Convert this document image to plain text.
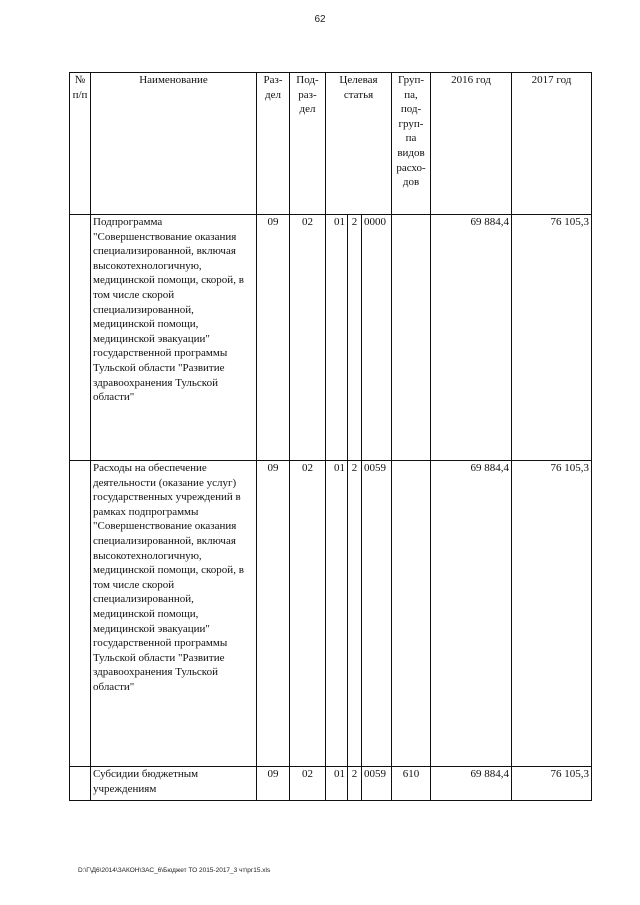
62
№ п/п	Наименование	Раз-дел	Под-раз-дел	Целевая статья			Груп-па, под-груп-па видов расхо-дов	2016 год	2017 год
	Подпрограмма "Совершенствование оказания специализированной, включая высокотехнологичную, медицинской помощи, скорой, в том числе скорой специализированной, медицинской помощи, медицинской эвакуации" государственной программы Тульской области "Развитие здравоохранения Тульской области"	09	02	01	2	0000		69 884,4	76 105,3
	Расходы на обеспечение деятельности (оказание услуг) государственных учреждений в рамках подпрограммы "Совершенствование оказания специализированной, включая высокотехнологичную, медицинской помощи, скорой, в том числе скорой специализированной, медицинской помощи, медицинской эвакуации" государственной программы Тульской области "Развитие здравоохранения Тульской области"	09	02	01	2	0059		69 884,4	76 105,3
	Субсидии бюджетным учреждениям	09	02	01	2	0059	610	69 884,4	76 105,3
D:\Г\Д6\2014\ЗАКОН\ЗАС_6\Бюджет ТО 2015-2017_3 чт\рг15.xls
